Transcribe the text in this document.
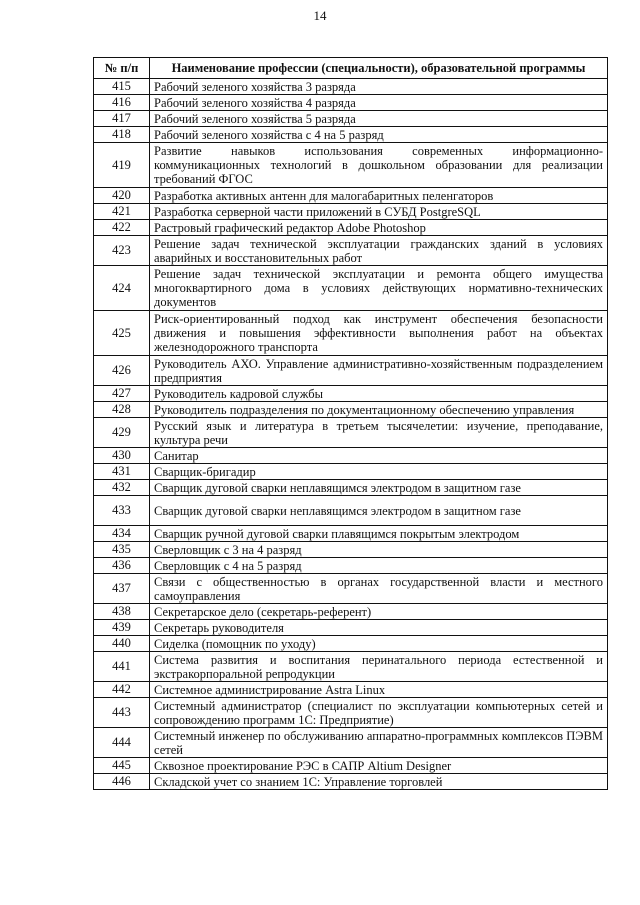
14
№ п/п	Наименование профессии (специальности), образовательной программы
415	Рабочий зеленого хозяйства 3 разряда
416	Рабочий зеленого хозяйства 4 разряда
417	Рабочий зеленого хозяйства 5 разряда
418	Рабочий зеленого хозяйства с 4 на 5 разряд
419	Развитие навыков использования современных информационно-коммуникационных технологий в дошкольном образовании для реализации требований ФГОС
420	Разработка активных антенн для малогабаритных пеленгаторов
421	Разработка серверной части приложений в СУБД PostgreSQL
422	Растровый графический редактор Adobe Photoshop
423	Решение задач технической эксплуатации гражданских зданий в условиях аварийных и восстановительных работ
424	Решение задач технической эксплуатации и ремонта общего имущества многоквартирного дома в условиях действующих нормативно-технических документов
425	Риск-ориентированный подход как инструмент обеспечения безопасности движения и повышения эффективности выполнения работ на объектах железнодорожного транспорта
426	Руководитель АХО. Управление административно-хозяйственным подразделением предприятия
427	Руководитель кадровой службы
428	Руководитель подразделения по документационному обеспечению управления
429	Русский язык и литература в третьем тысячелетии: изучение, преподавание, культура речи
430	Санитар
431	Сварщик-бригадир
432	Сварщик дуговой сварки неплавящимся электродом в защитном газе
433	Сварщик дуговой сварки неплавящимся электродом в защитном газе
434	Сварщик ручной дуговой сварки плавящимся покрытым электродом
435	Сверловщик с 3 на 4 разряд
436	Сверловщик с 4 на 5 разряд
437	Связи с общественностью в органах государственной власти и местного самоуправления
438	Секретарское дело (секретарь-референт)
439	Секретарь руководителя
440	Сиделка (помощник по уходу)
441	Система развития и воспитания перинатального периода естественной и экстракорпоральной репродукции
442	Системное администрирование Astra Linux
443	Системный администратор (специалист по эксплуатации компьютерных сетей и сопровождению программ 1С: Предприятие)
444	Системный инженер по обслуживанию аппаратно-программных комплексов ПЭВМ сетей
445	Сквозное проектирование РЭС в САПР Altium Designer
446	Складской учет со знанием 1С: Управление торговлей
